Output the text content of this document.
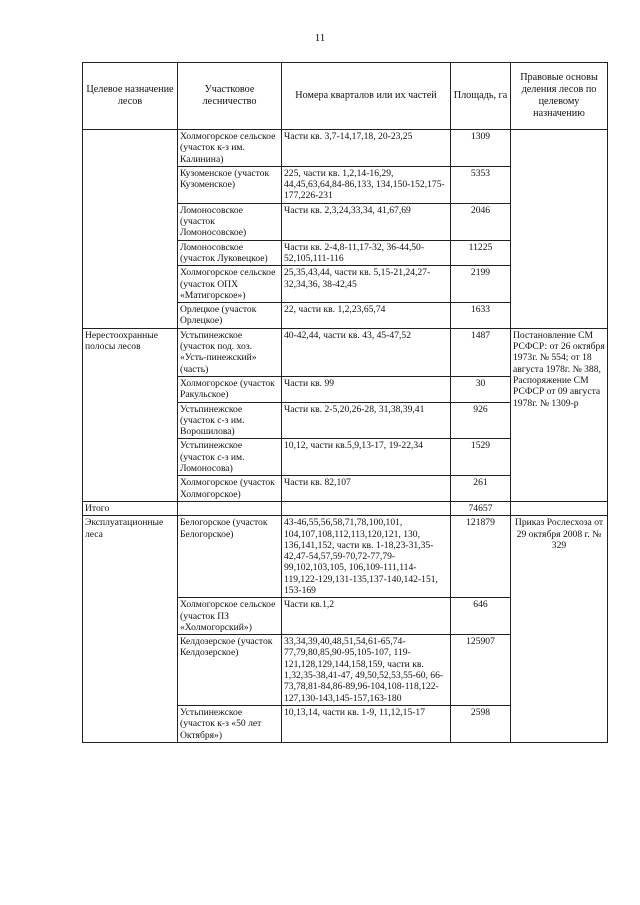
11
Целевое назначение лесов	Участковое лесничество	Номера кварталов или их частей	Площадь, га	Правовые основы деления лесов по целевому назначению
	Холмогорское сельское (участок к-з им. Калинина)	Части кв. 3,7-14,17,18, 20-23,25	1309	
	Кузоменское (участок Кузоменское)	225, части кв. 1,2,14-16,29, 44,45,63,64,84-86,133, 134,150-152,175-177,226-231	5353	
	Ломоносовское (участок Ломоносовское)	Части кв. 2,3,24,33,34, 41,67,69	2046	
	Ломоносовское (участок Луковецкое)	Части кв. 2-4,8-11,17-32, 36-44,50-52,105,111-116	11225	
	Холмогорское сельское (участок ОПХ «Матигорское»)	25,35,43,44, части кв. 5,15-21,24,27-32,34,36, 38-42,45	2199	
	Орлецкое (участок Орлецкое)	22, части кв. 1,2,23,65,74	1633	
Нерестоохранные полосы лесов	Устьпинежское (участок под. хоз. «Усть-пинежский» (часть)	40-42,44, части кв. 43, 45-47,52	1487	Постановление СМ РСФСР: от 26 октября 1973г. № 554; от 18 августа 1978г. № 388, Распоряжение СМ РСФСР от 09 августа 1978г. № 1309-р
	Холмогорское (участок Ракульское)	Части кв. 99	30	
	Устьпинежское (участок с-з им. Ворошилова)	Части кв. 2-5,20,26-28, 31,38,39,41	926	
	Устьпинежское (участок с-з им. Ломоносова)	10,12, части кв.5,9,13-17, 19-22,34	1529	
	Холмогорское (участок Холмогорское)	Части кв. 82,107	261	
Итого			74657	
Эксплуатационные леса	Белогорское (участок Белогорское)	43-46,55,56,58,71,78,100,101, 104,107,108,112,113,120,121, 130, 136,141,152, части кв. 1-18,23-31,35-42,47-54,57,59-70,72-77,79-99,102,103,105, 106,109-111,114-119,122-129,131-135,137-140,142-151, 153-169	121879	Приказ Рослесхоза от 29 октября 2008 г. № 329
	Холмогорское сельское (участок ПЗ «Холмогорский»)	Части кв.1,2	646	
	Келдозерское (участок Келдозерское)	33,34,39,40,48,51,54,61-65,74-77,79,80,85,90-95,105-107, 119-121,128,129,144,158,159, части кв. 1,32,35-38,41-47, 49,50,52,53,55-60, 66-73,78,81-84,86-89,96-104,108-118,122-127,130-143,145-157,163-180	125907	
	Устьпинежское (участок к-з «50 лет Октября»)	10,13,14, части кв. 1-9, 11,12,15-17	2598	
